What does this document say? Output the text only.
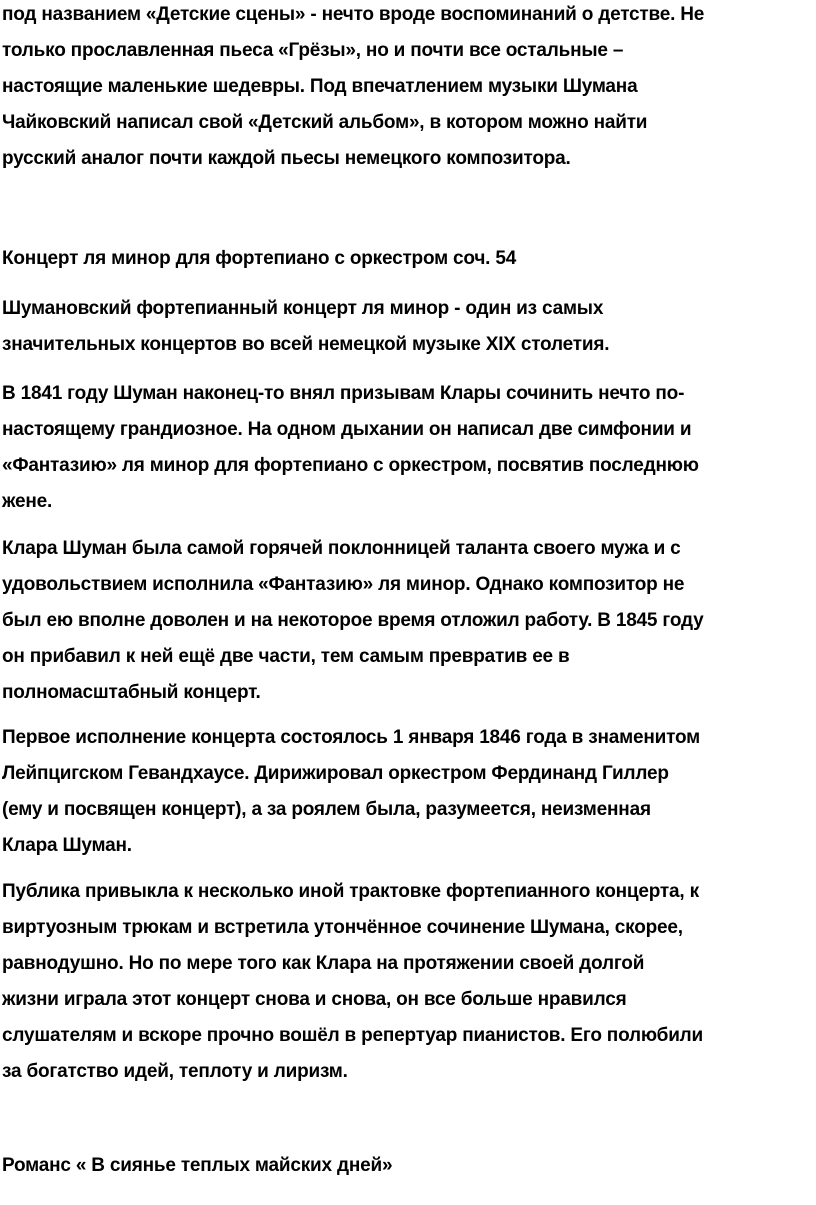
под названием «Детские сцены» - нечто вроде воспоминаний о детстве. Не
только прославленная пьеса «Грёзы», но и почти все остальные –
настоящие маленькие шедевры. Под впечатлением музыки Шумана
Чайковский написал свой «Детский альбом», в котором можно найти
русский аналог почти каждой пьесы немецкого композитора.
Концерт ля минор для фортепиано с оркестром соч. 54
Шумановский фортепианный концерт ля минор - один из самых
значительных концертов во всей немецкой музыке XIX столетия.
В 1841 году Шуман наконец-то внял призывам Клары сочинить нечто по-
настоящему грандиозное. На одном дыхании он написал две симфонии и
«Фантазию» ля минор для фортепиано с оркестром, посвятив последнюю
жене.
Клара Шуман была самой горячей поклонницей таланта своего мужа и с
удовольствием исполнила «Фантазию» ля минор. Однако композитор не
был ею вполне доволен и на некоторое время отложил работу. В 1845 году
он прибавил к ней ещё две части, тем самым превратив ее в
полномасштабный концерт.
Первое исполнение концерта состоялось 1 января 1846 года в знаменитом
Лейпцигском Гевандхаусе. Дирижировал оркестром Фердинанд Гиллер
(ему и посвящен концерт), а за роялем была, разумеется, неизменная
Клара Шуман.
Публика привыкла к несколько иной трактовке фортепианного концерта, к
виртуозным трюкам и встретила утончённое сочинение Шумана, скорее,
равнодушно. Но по мере того как Клара на протяжении своей долгой
жизни играла этот концерт снова и снова, он все больше нравился
слушателям и вскоре прочно вошёл в репертуар пианистов. Его полюбили
за богатство идей, теплоту и лиризм.
Романс « В сиянье теплых майских дней»
